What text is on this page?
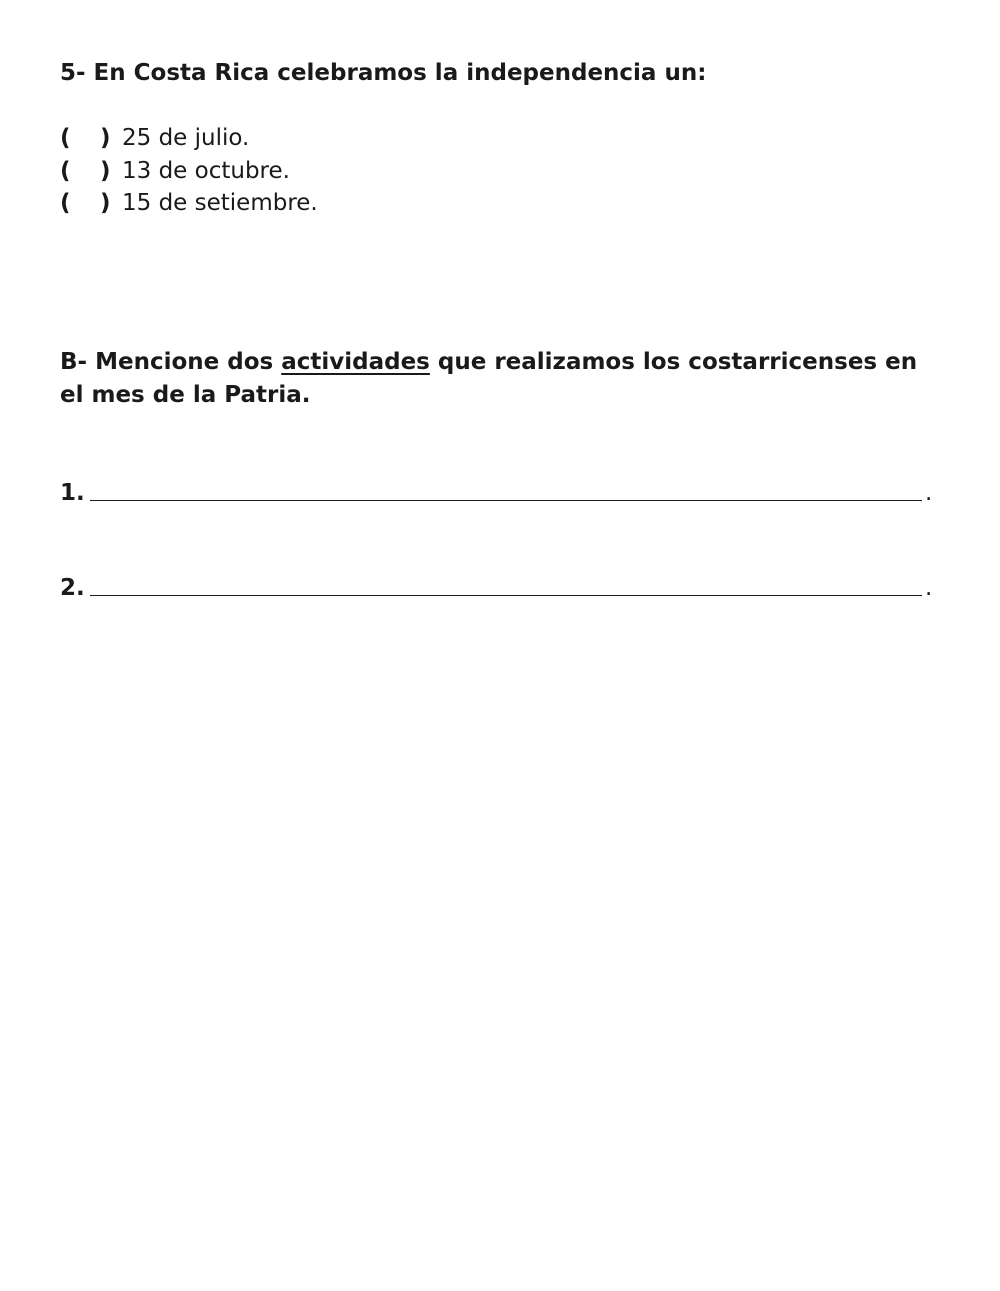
5- En Costa Rica celebramos la independencia un:
(	) 25 de julio.
(	) 13 de octubre.
(	) 15 de setiembre.
B- Mencione dos actividades que realizamos los costarricenses en el mes de la Patria.
1.	.
2.	.
